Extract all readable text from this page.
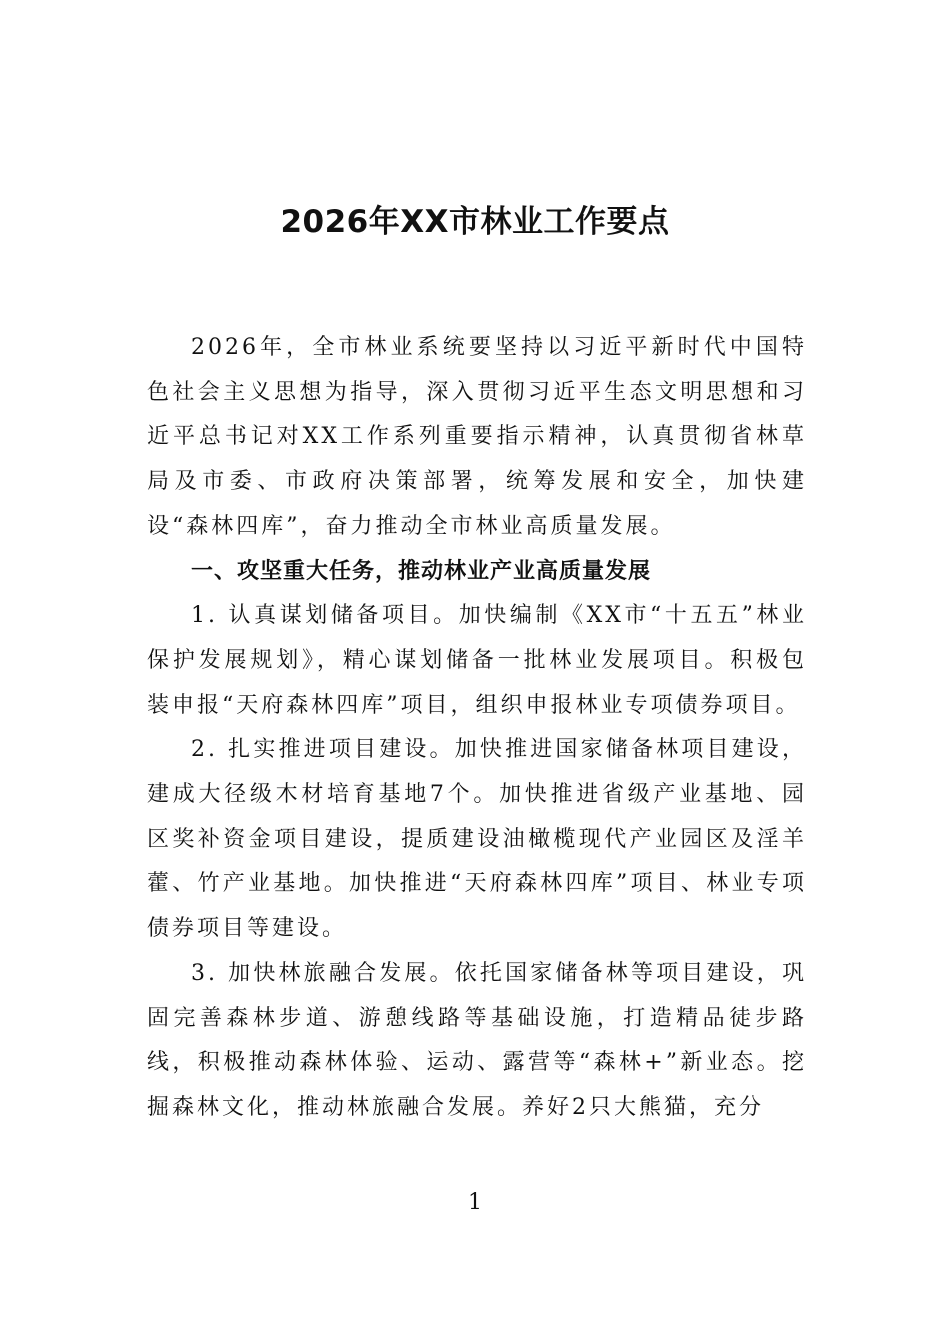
2026年XX市林业工作要点

2026年，全市林业系统要坚持以习近平新时代中国特色社会主义思想为指导，深入贯彻习近平生态文明思想和习近平总书记对XX工作系列重要指示精神，认真贯彻省林草局及市委、市政府决策部署，统筹发展和安全，加快建设“森林四库”，奋力推动全市林业高质量发展。

一、攻坚重大任务，推动林业产业高质量发展

1. 认真谋划储备项目。加快编制《XX市“十五五”林业保护发展规划》，精心谋划储备一批林业发展项目。积极包装申报“天府森林四库”项目，组织申报林业专项债券项目。

2. 扎实推进项目建设。加快推进国家储备林项目建设，建成大径级木材培育基地7个。加快推进省级产业基地、园区奖补资金项目建设，提质建设油橄榄现代产业园区及淫羊藿、竹产业基地。加快推进“天府森林四库”项目、林业专项债券项目等建设。

3. 加快林旅融合发展。依托国家储备林等项目建设，巩固完善森林步道、游憩线路等基础设施，打造精品徒步路线，积极推动森林体验、运动、露营等“森林+”新业态。挖掘森林文化，推动林旅融合发展。养好2只大熊猫，充分

1
